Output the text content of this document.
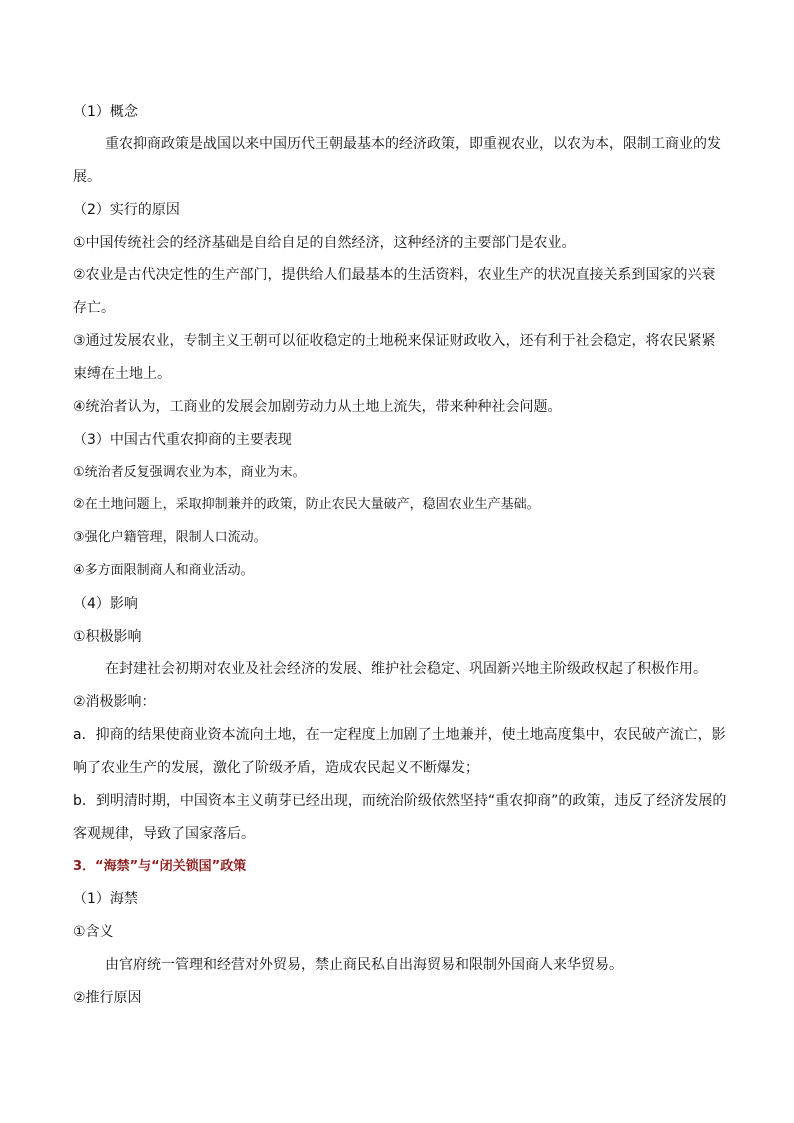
（1）概念
重农抑商政策是战国以来中国历代王朝最基本的经济政策，即重视农业，以农为本，限制工商业的发
展。
（2）实行的原因
①中国传统社会的经济基础是自给自足的自然经济，这种经济的主要部门是农业。
②农业是古代决定性的生产部门，提供给人们最基本的生活资料，农业生产的状况直接关系到国家的兴衰
存亡。
③通过发展农业，专制主义王朝可以征收稳定的土地税来保证财政收入，还有利于社会稳定，将农民紧紧
束缚在土地上。
④统治者认为，工商业的发展会加剧劳动力从土地上流失，带来种种社会问题。
（3）中国古代重农抑商的主要表现
①统治者反复强调农业为本，商业为末。
②在土地问题上，采取抑制兼并的政策，防止农民大量破产，稳固农业生产基础。
③强化户籍管理，限制人口流动。
④多方面限制商人和商业活动。
（4）影响
①积极影响
在封建社会初期对农业及社会经济的发展、维护社会稳定、巩固新兴地主阶级政权起了积极作用。
②消极影响：
a．抑商的结果使商业资本流向土地，在一定程度上加剧了土地兼并，使土地高度集中，农民破产流亡，影
响了农业生产的发展，激化了阶级矛盾，造成农民起义不断爆发；
b．到明清时期，中国资本主义萌芽已经出现，而统治阶级依然坚持“重农抑商”的政策，违反了经济发展的
客观规律，导致了国家落后。
3．“海禁”与“闭关锁国”政策
（1）海禁
①含义
由官府统一管理和经营对外贸易，禁止商民私自出海贸易和限制外国商人来华贸易。
②推行原因
